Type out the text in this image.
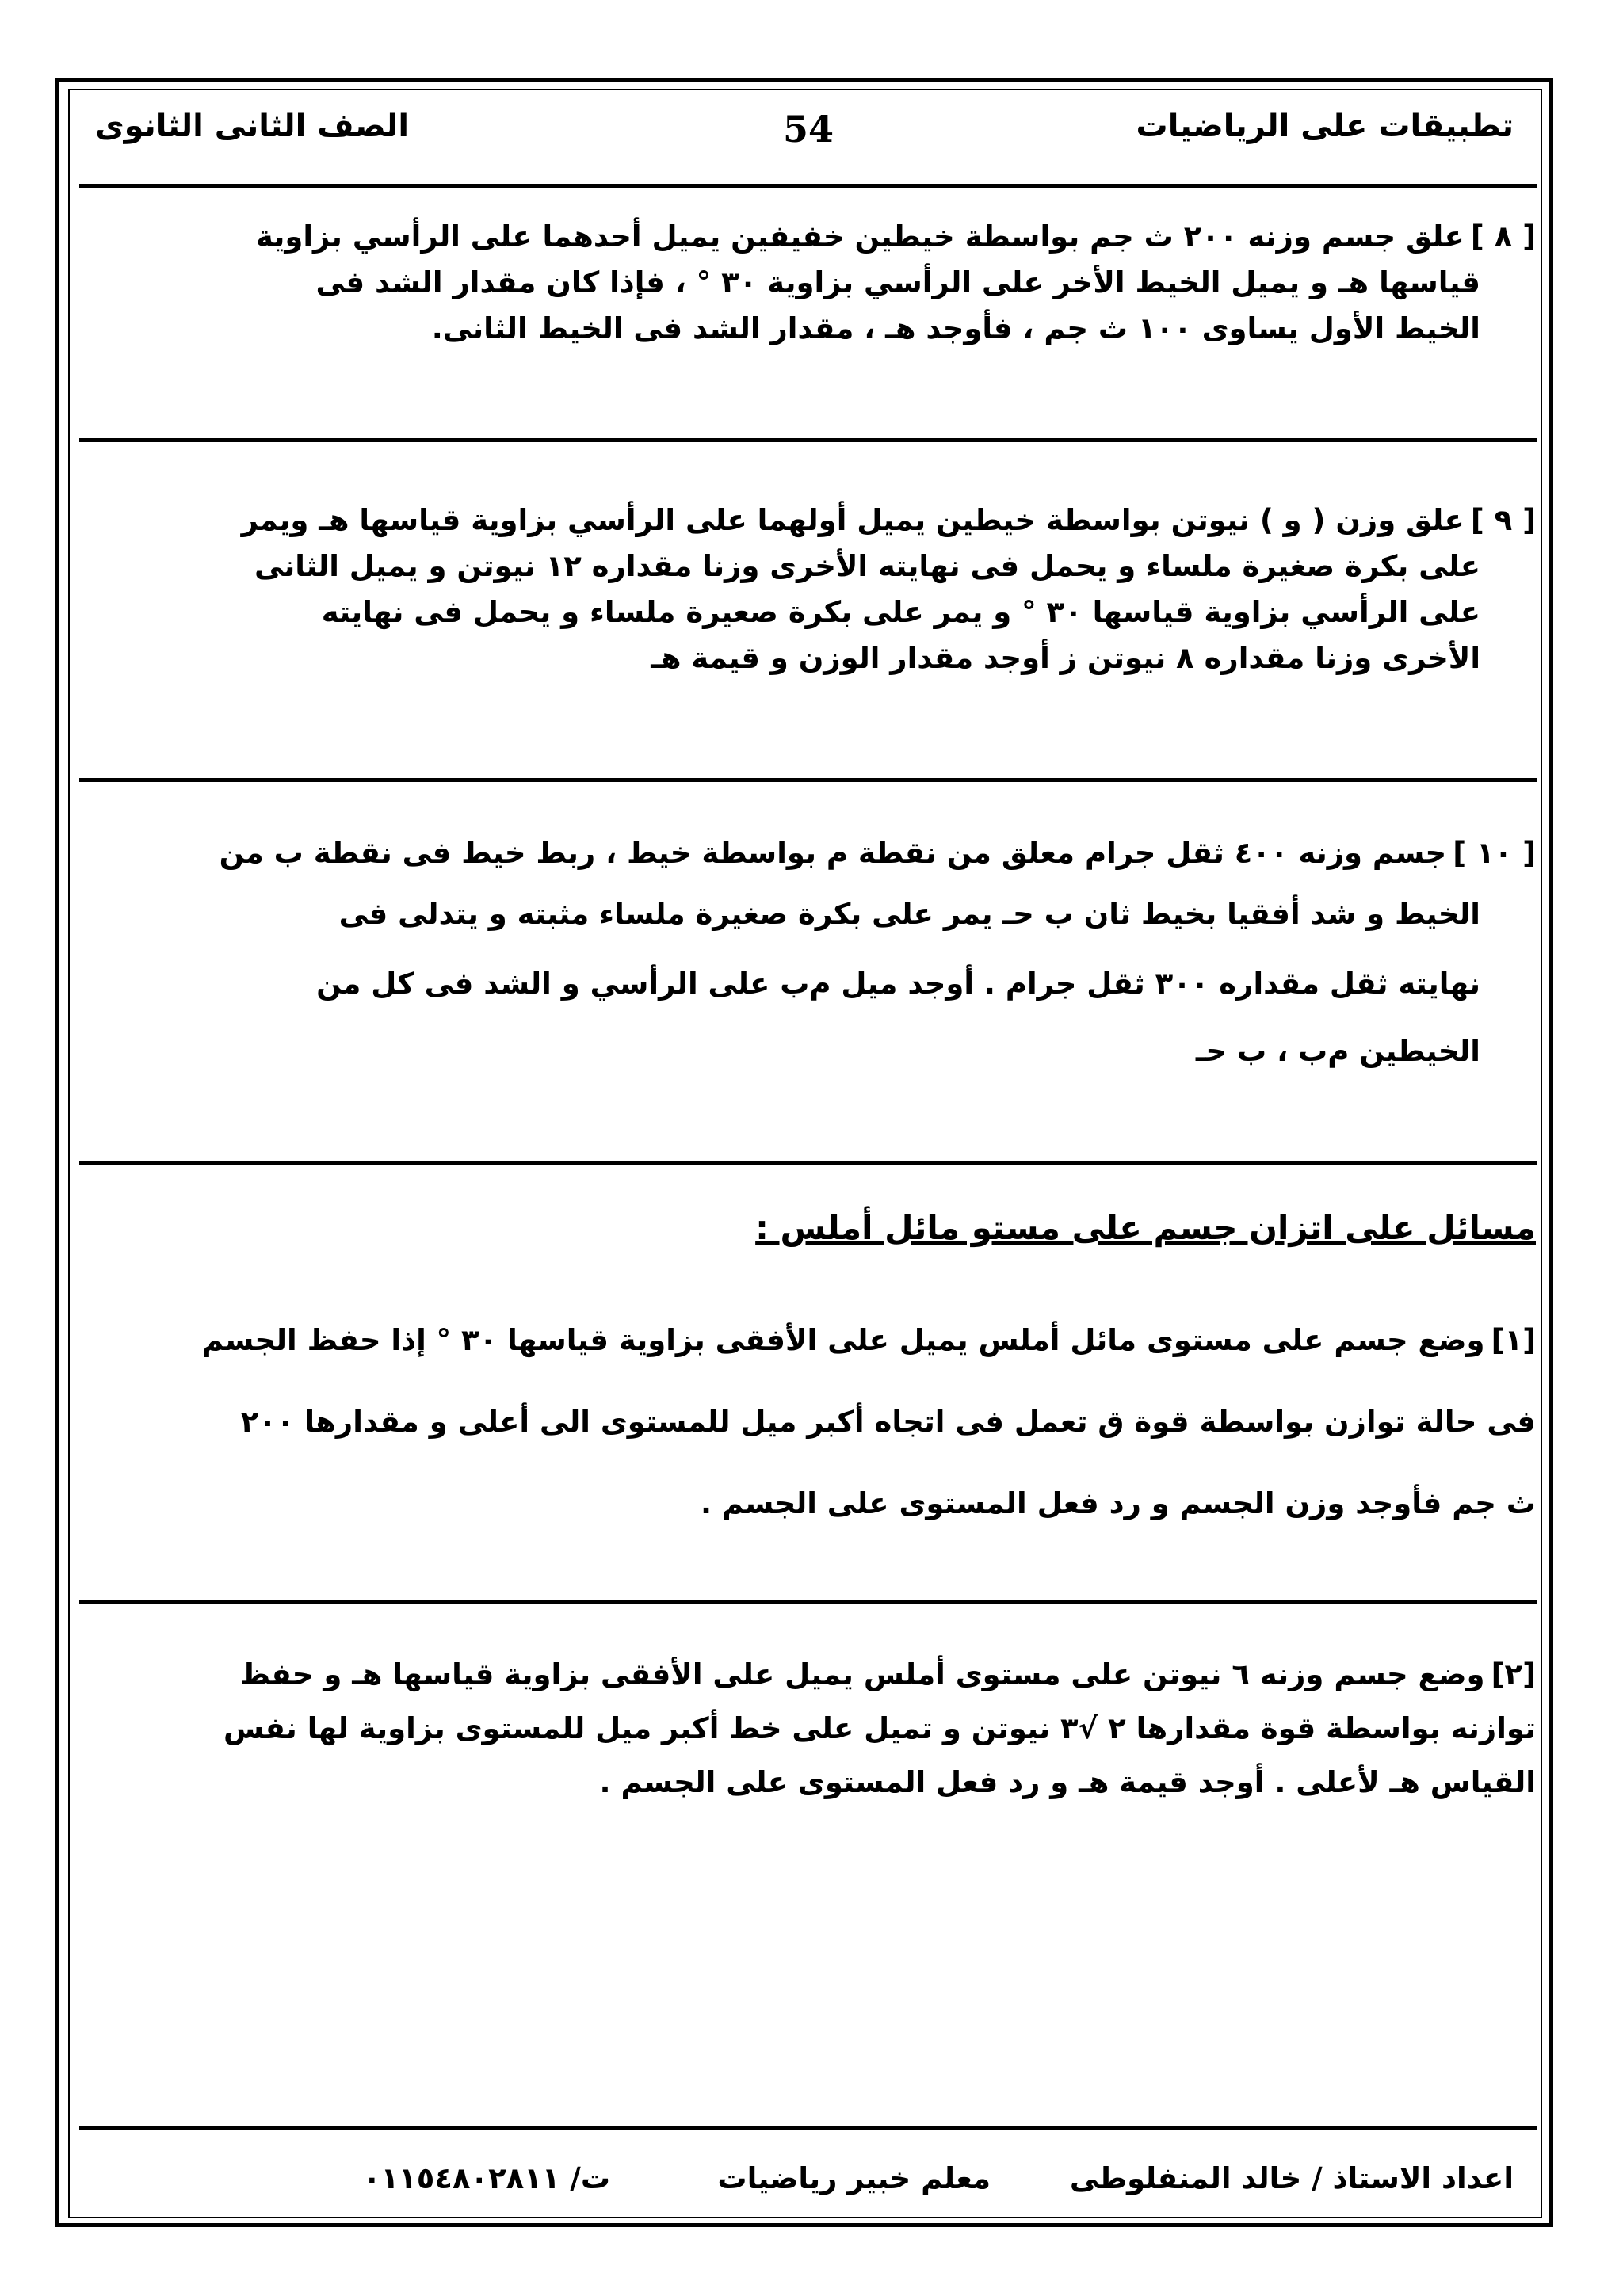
تطبيقات على الرياضيات
54
الصف الثانى الثانوى

[ ٨ ]علق جسم وزنه ٢٠٠ ث جم بواسطة خيطين خفيفين يميل أحدهما على الرأسي بزاوية

قياسها هـ و يميل الخيط الأخر على الرأسي بزاوية ٣٠ ° ، فإذا كان مقدار الشد فى

الخيط الأول يساوى ١٠٠ ث جم ، فأوجد هـ ، مقدار الشد فى الخيط الثانى.

[ ٩ ]علق وزن ( و ) نيوتن بواسطة خيطين يميل أولهما على الرأسي بزاوية قياسها هـ ويمر

على بكرة صغيرة ملساء و يحمل فى نهايته الأخرى وزنا مقداره ١٢ نيوتن و يميل الثانى

على الرأسي بزاوية قياسها ٣٠ ° و يمر على بكرة صعيرة ملساء و يحمل فى نهايته

الأخرى وزنا مقداره ٨ نيوتن ز أوجد مقدار الوزن و قيمة هـ

[ ١٠ ]جسم وزنه ٤٠٠ ثقل جرام معلق من نقطة ﻡ بواسطة خيط ، ربط خيط فى نقطة ب من

الخيط و شد أفقيا بخيط ثان ب حـ يمر على بكرة صغيرة ملساء مثبته و يتدلى فى

نهايته ثقل مقداره ٣٠٠ ثقل جرام . أوجد ميل ﻡب على الرأسي و الشد فى كل من

الخيطين ﻡب ، ب حـ

مسائل على اتزان جسم على مستو مائل أملس :

[١]وضع جسم على مستوى مائل أملس يميل على الأفقى بزاوية قياسها ٣٠ ° إذا حفظ الجسم

فى حالة توازن بواسطة قوة ق تعمل فى اتجاه أكبر ميل للمستوى الى أعلى و مقدارها ٢٠٠

ث جم فأوجد وزن الجسم و رد فعل المستوى على الجسم .

[٢]وضع جسم وزنه ٦ نيوتن على مستوى أملس يميل على الأفقى بزاوية قياسها هـ و حفظ

توازنه بواسطة قوة مقدارها ٢ √٣ نيوتن و تميل على خط أكبر ميل للمستوى بزاوية لها نفس

القياس هـ لأعلى . أوجد قيمة هـ و رد فعل المستوى على الجسم .

اعداد الاستاذ / خالد المنفلوطى
معلم خبير رياضيات
ت/ ٠١١٥٤٨٠٢٨١١
